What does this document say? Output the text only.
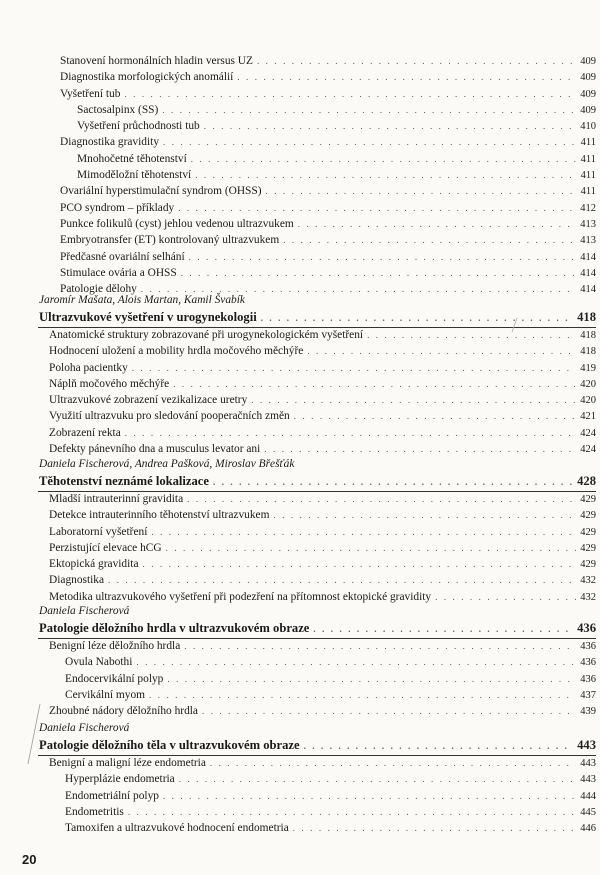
Stanovení hormonálních hladin versus UZ . . .	409
Diagnostika morfologických anomálií . . .	409
Vyšetření tub . . .	409
Sactosalpinx (SS) . . .	409
Vyšetření průchodnosti tub . . .	410
Diagnostika gravidity . . .	411
Mnohočetné těhotenství . . .	411
Mimoděložní těhotenství . . .	411
Ovariální hyperstimulační syndrom (OHSS) . . .	411
PCO syndrom – příklady . . .	412
Punkce folikulů (cyst) jehlou vedenou ultrazvukem . . .	413
Embryotransfer (ET) kontrolovaný ultrazvukem . . .	413
Předčasné ovariální selhání . . .	414
Stimulace ovária a OHSS . . .	414
Patologie dělohy . . .	414
Jaromír Mašata, Alois Martan, Kamil Švabík
Ultrazvukové vyšetření v urogynekologii . . .	418
Anatomické struktury zobrazované při urogynekologickém vyšetření . . .	418
Hodnocení uložení a mobility hrdla močového měchýře . . .	418
Poloha pacientky . . .	419
Náplň močového měchýře . . .	420
Ultrazvukové zobrazení vezikalizace uretry . . .	420
Využití ultrazvuku pro sledování pooperačních změn . . .	421
Zobrazení rekta . . .	424
Defekty pánevního dna a musculus levator ani . . .	424
Daniela Fischerová, Andrea Pašková, Miroslav Břešťák
Těhotenství neznámé lokalizace . . .	428
Mladší intrauterinní gravidita . . .	429
Detekce intrauterinního těhotenství ultrazvukem . . .	429
Laboratorní vyšetření . . .	429
Perzistující elevace hCG . . .	429
Ektopická gravidita . . .	429
Diagnostika . . .	432
Metodika ultrazvukového vyšetření při podezření na přítomnost ektopické gravidity . . .	432
Daniela Fischerová
Patologie děložního hrdla v ultrazvukovém obraze . . .	436
Benigní léze děložního hrdla . . .	436
Ovula Nabothi . . .	436
Endocervikální polyp . . .	436
Cervikální myom . . .	437
Zhoubné nádory děložního hrdla . . .	439
Daniela Fischerová
Patologie děložního těla v ultrazvukovém obraze . . .	443
Benigní a maligní léze endometria . . .	443
Hyperplázie endometria . . .	443
Endometriální polyp . . .	444
Endometritis . . .	445
Tamoxifen a ultrazvukové hodnocení endometria . . .	446
20
